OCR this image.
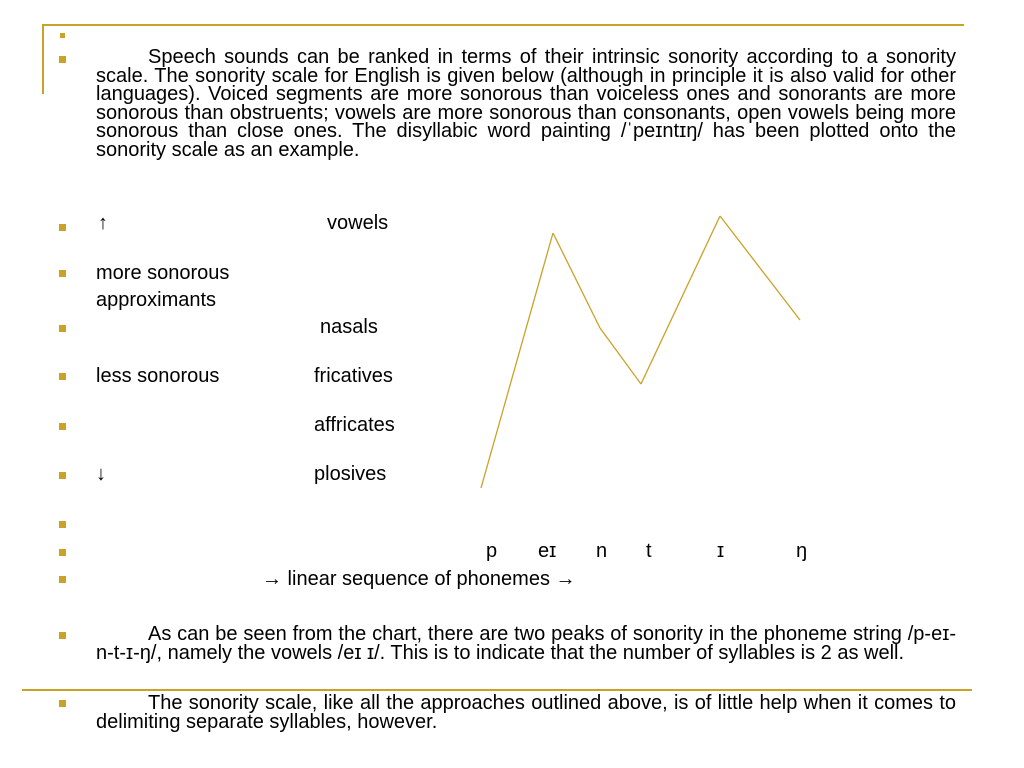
Speech sounds can be ranked in terms of their intrinsic sonority according to a sonority scale. The sonority scale for English is given below (although in principle it is also valid for other languages). Voiced segments are more sonorous than voiceless ones and sonorants are more sonorous than obstruents; vowels are more sonorous than consonants, open vowels being more sonorous than close ones. The disyllabic word painting /ˈpeɪntɪŋ/ has been plotted onto the sonority scale as an example.
As can be seen from the chart, there are two peaks of sonority in the phoneme string /p-eɪ-n-t-ɪ-ŋ/, namely the vowels /eɪ ɪ/. This is to indicate that the number of syllables is 2 as well.
The sonority scale, like all the approaches outlined above, is of little help when it comes to delimiting separate syllables, however.
↑	vowels
more sonorous
approximants
nasals
less sonorous	fricatives
affricates
↓	plosives
p eɪ n t	ɪ	ŋ
→ linear sequence of phonemes →
